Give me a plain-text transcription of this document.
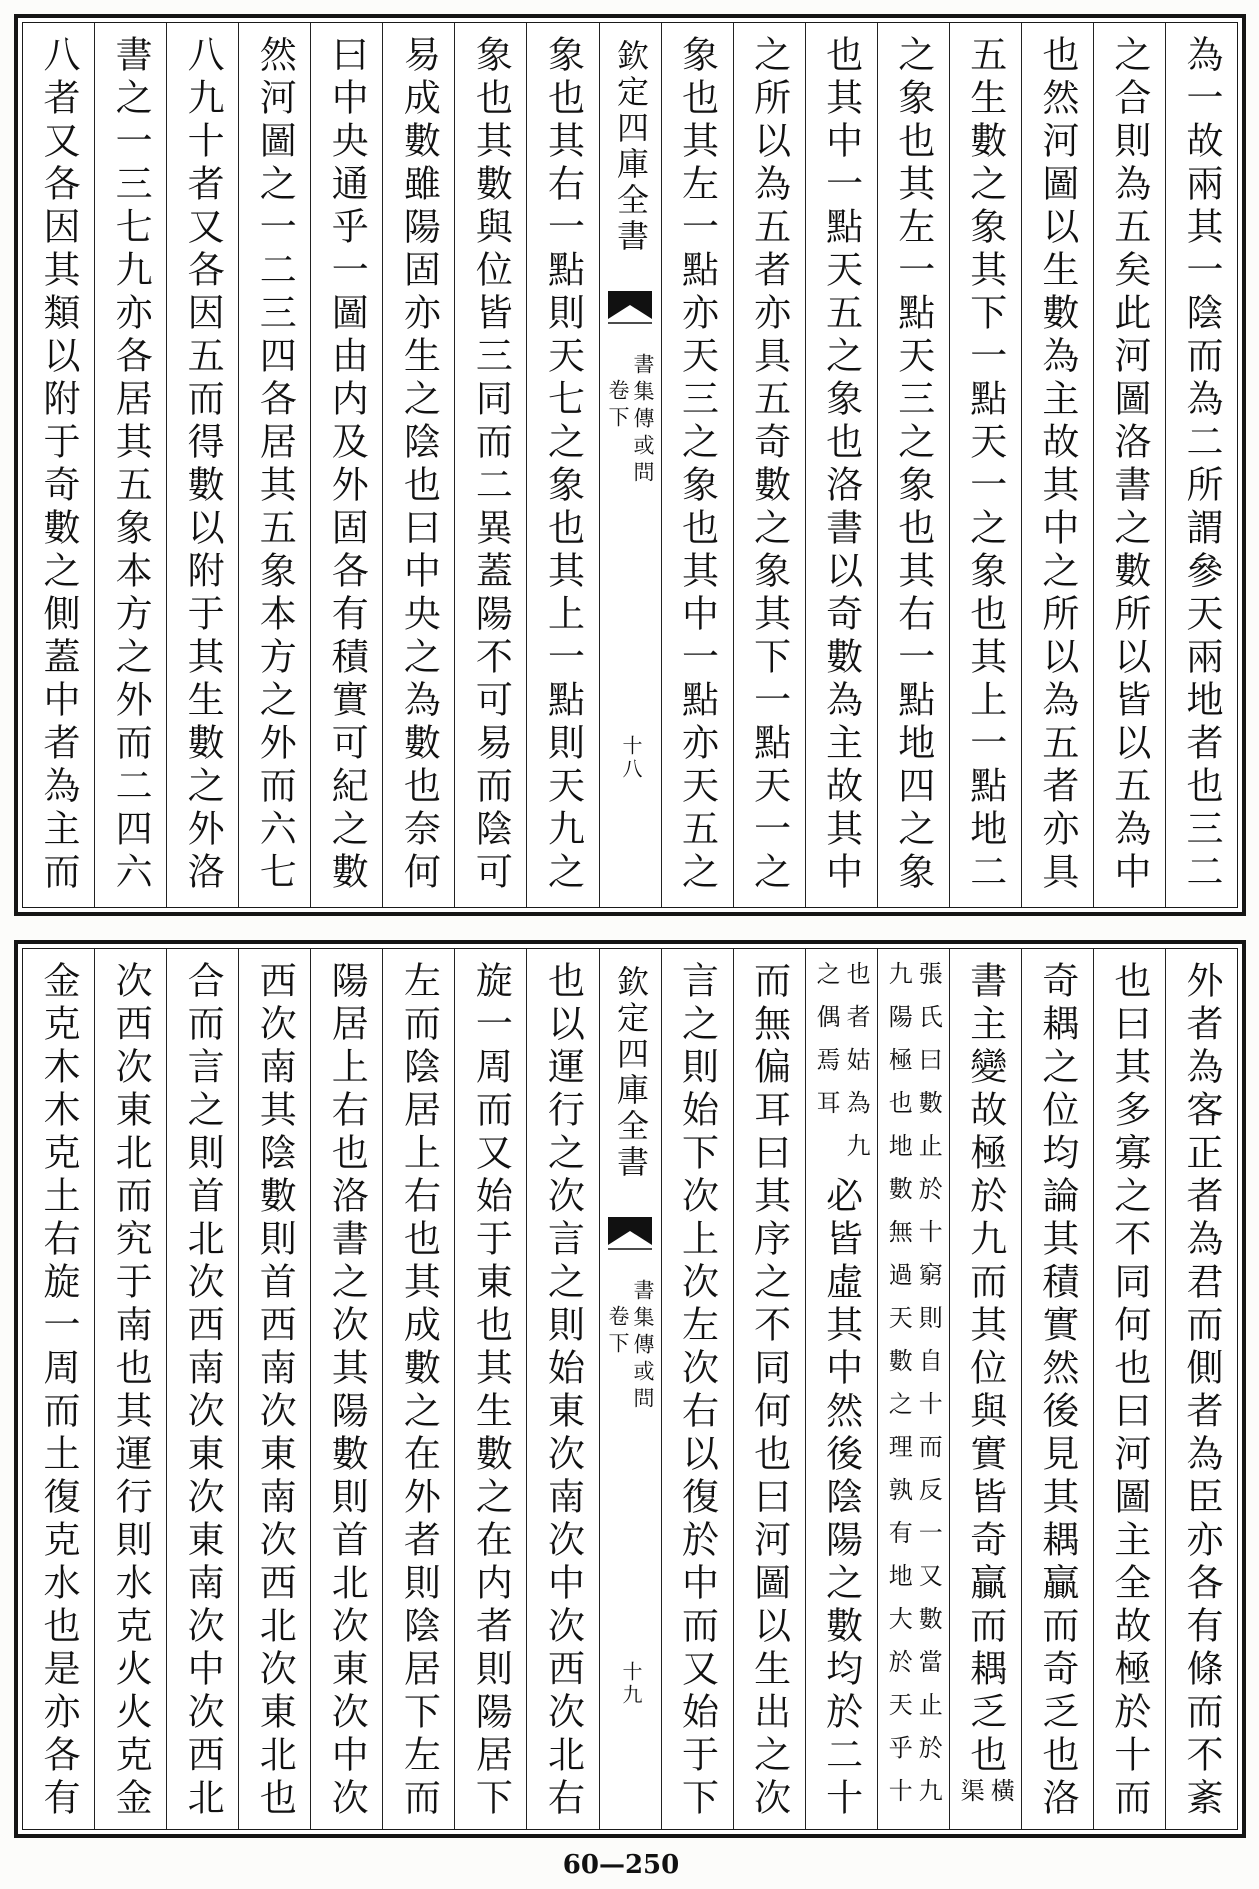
為一故兩其一陰而為二所謂參天兩地者也三二
之合則為五矣此河圖洛書之數所以皆以五為中
也然河圖以生數為主故其中之所以為五者亦具
五生數之象其下一點天一之象也其上一點地二
之象也其左一點天三之象也其右一點地四之象
也其中一點天五之象也洛書以奇數為主故其中
之所以為五者亦具五奇數之象其下一點天一之
象也其左一點亦天三之象也其中一點亦天五之
欽定四庫全書
書集傳或問
卷下
十八
象也其右一點則天七之象也其上一點則天九之
象也其數與位皆三同而二異蓋陽不可易而陰可
易成數雖陽固亦生之陰也曰中央之為數也奈何
曰中央通乎一圖由内及外固各有積實可紀之數
然河圖之一二三四各居其五象本方之外而六七
八九十者又各因五而得數以附于其生數之外洛
書之一三七九亦各居其五象本方之外而二四六
八者又各因其類以附于奇數之側蓋中者為主而
外者為客正者為君而側者為臣亦各有條而不紊
也曰其多寡之不同何也曰河圖主全故極於十而
奇耦之位均論其積實然後見其耦贏而奇乏也洛
書主變故極於九而其位與實皆奇贏而耦乏也
橫
渠
張氏曰數止於十窮則自十而反一又數當止於九
九陽極也地數無過天數之理孰有地大於天乎十
也者姑為九
之偶焉耳
必皆虛其中然後陰陽之數均於二十
而無偏耳曰其序之不同何也曰河圖以生出之次
言之則始下次上次左次右以復於中而又始于下
欽定四庫全書
書集傳或問
卷下
十九
也以運行之次言之則始東次南次中次西次北右
旋一周而又始于東也其生數之在内者則陽居下
左而陰居上右也其成數之在外者則陰居下左而
陽居上右也洛書之次其陽數則首北次東次中次
西次南其陰數則首西南次東南次西北次東北也
合而言之則首北次西南次東次東南次中次西北
次西次東北而究于南也其運行則水克火火克金
金克木木克土右旋一周而土復克水也是亦各有
60—250
